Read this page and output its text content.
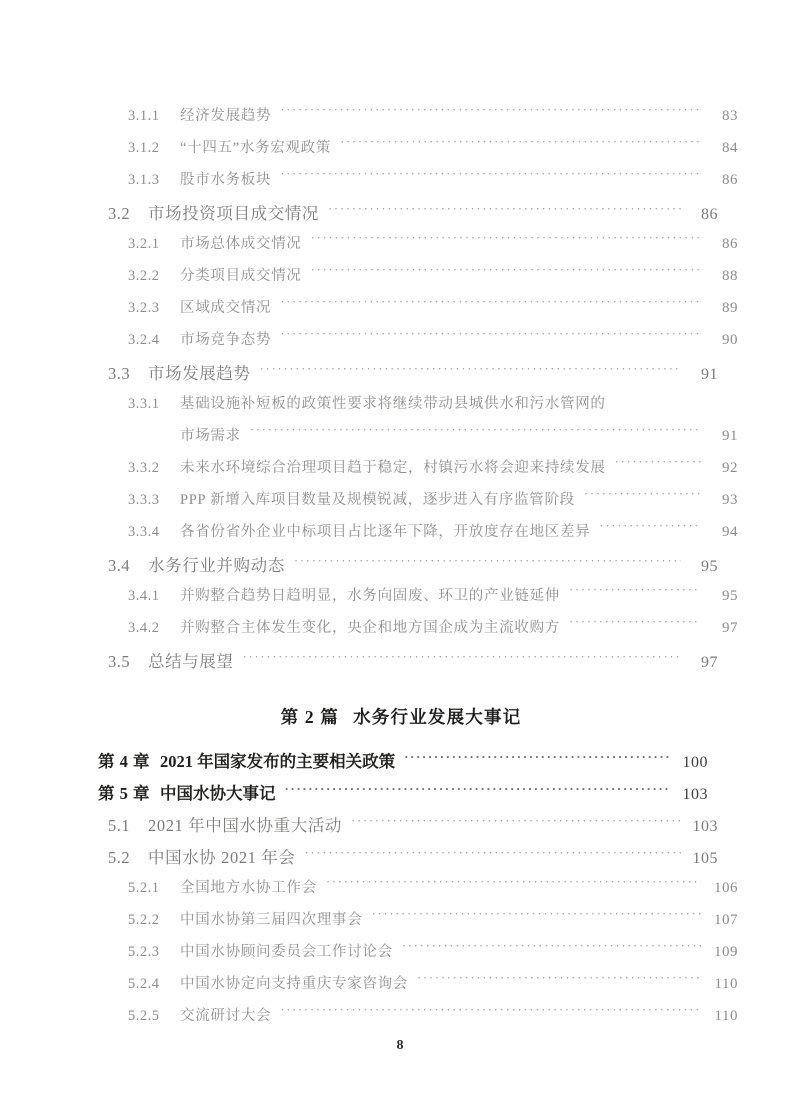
3.1.1	经济发展趋势 ·····	83
3.1.2	“十四五”水务宏观政策 ·····	84
3.1.3	股市水务板块 ·····	86
3.2	市场投资项目成交情况 ·····	86
3.2.1	市场总体成交情况 ·····	86
3.2.2	分类项目成交情况 ·····	88
3.2.3	区域成交情况 ·····	89
3.2.4	市场竞争态势 ·····	90
3.3	市场发展趋势 ·····	91
3.3.1	基础设施补短板的政策性要求将继续带动县城供水和污水管网的
市场需求 ·····	91
3.3.2	未来水环境综合治理项目趋于稳定，村镇污水将会迎来持续发展 ·····	92
3.3.3	PPP 新增入库项目数量及规模锐减，逐步进入有序监管阶段 ·····	93
3.3.4	各省份省外企业中标项目占比逐年下降，开放度存在地区差异 ·····	94
3.4	水务行业并购动态 ·····	95
3.4.1	并购整合趋势日趋明显，水务向固废、环卫的产业链延伸 ·····	95
3.4.2	并购整合主体发生变化，央企和地方国企成为主流收购方 ·····	97
3.5	总结与展望 ·····	97
第 2 篇 水务行业发展大事记
第 4 章 2021 年国家发布的主要相关政策 ·····	100
第 5 章 中国水协大事记 ·····	103
5.1	2021 年中国水协重大活动 ·····	103
5.2	中国水协 2021 年会 ·····	105
5.2.1	全国地方水协工作会 ·····	106
5.2.2	中国水协第三届四次理事会 ·····	107
5.2.3	中国水协顾问委员会工作讨论会 ·····	109
5.2.4	中国水协定向支持重庆专家咨询会 ·····	110
5.2.5	交流研讨大会 ·····	110
8
